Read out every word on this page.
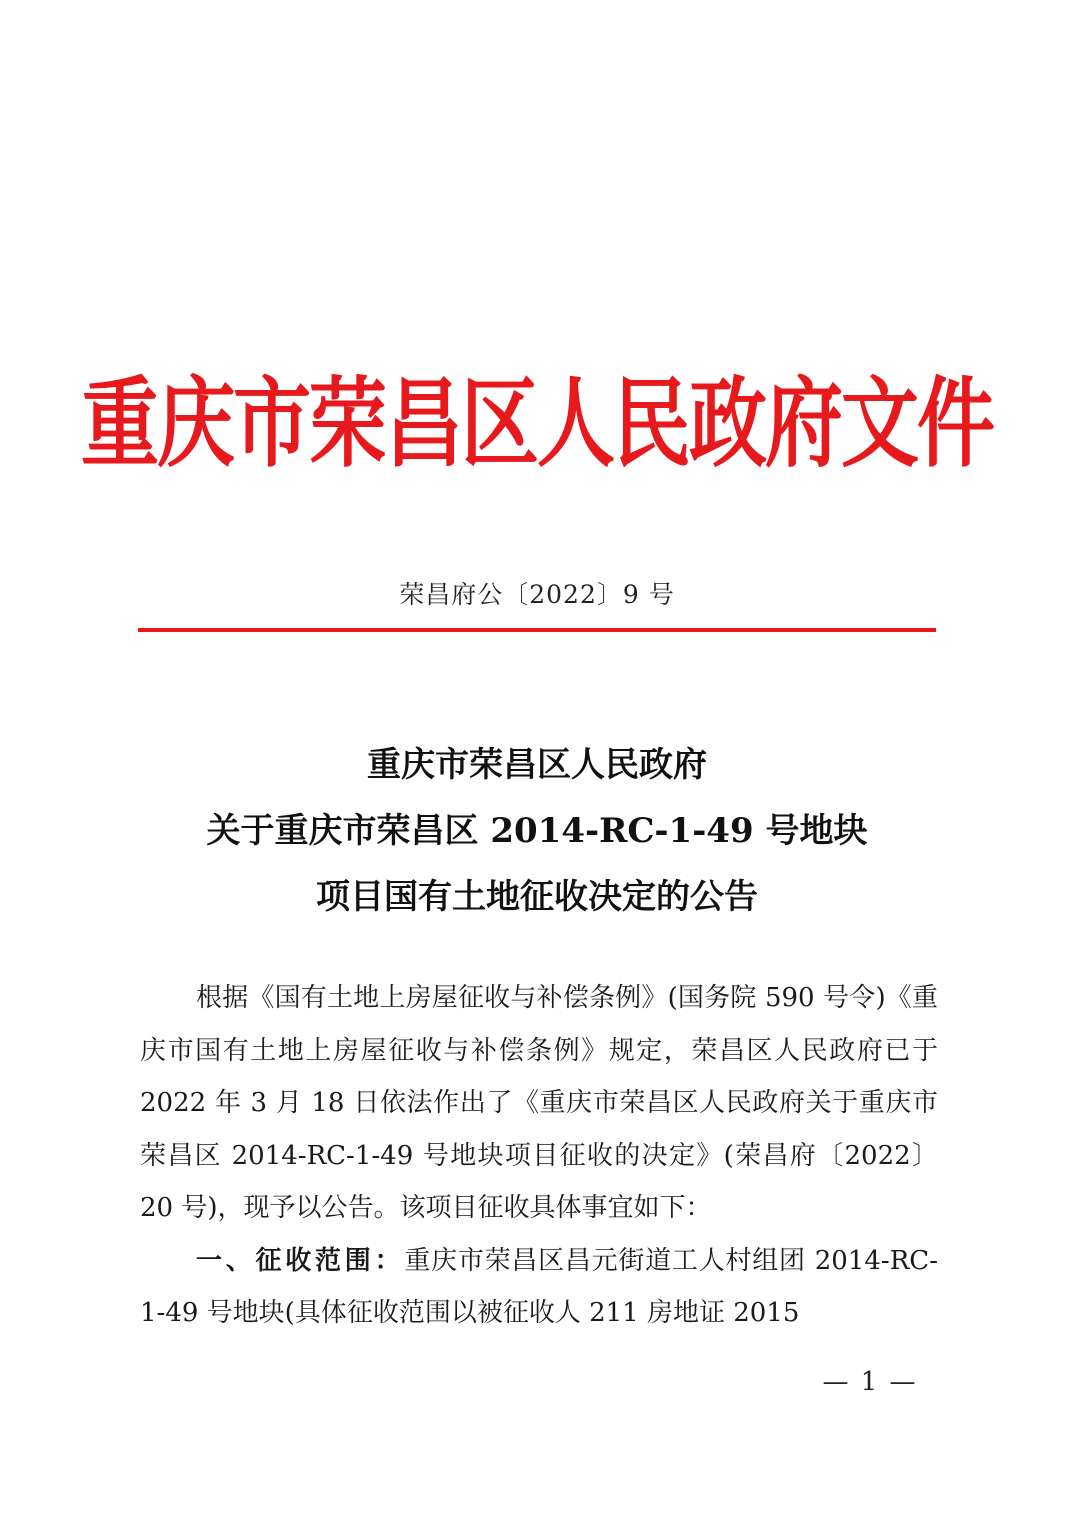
重庆市荣昌区人民政府文件
荣昌府公〔2022〕9 号
重庆市荣昌区人民政府
关于重庆市荣昌区 2014-RC-1-49 号地块
项目国有土地征收决定的公告

根据《国有土地上房屋征收与补偿条例》(国务院 590 号令)《重庆市国有土地上房屋征收与补偿条例》规定，荣昌区人民政府已于 2022 年 3 月 18 日依法作出了《重庆市荣昌区人民政府关于重庆市荣昌区 2014-RC-1-49 号地块项目征收的决定》(荣昌府〔2022〕20 号)，现予以公告。该项目征收具体事宜如下：

一、征收范围：重庆市荣昌区昌元街道工人村组团 2014-RC-1-49 号地块(具体征收范围以被征收人 211 房地证 2015

— 1 —
